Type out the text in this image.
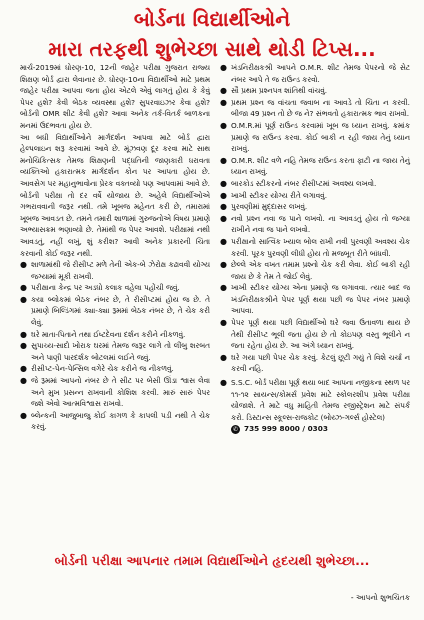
બોર્ડના વિદ્યાર્થીઓને
મારા તરફથી શુભેચ્છા સાથે થોડી ટિપ્સ...

માર્ચ-2019માં ધોરણ-10, 12ની જાહેર પરીક્ષા ગુજરાત રાજ્ય શિક્ષણ બોર્ડ દ્વારા લેવાનાર છે. ધોરણ-10ના વિદ્યાર્થીઓ માટે પ્રથમ જાહેર પરીક્ષા આપવા જતા હોય એટલે એવું લાગતું હોય કે કેવું પેપર હશે? કેવી બેઠક વ્યવસ્થા હશે? સુપરવાઇઝર કેવા હશે? બોર્ડની OMR શીટ કેવી હશે? આવા અનેક તર્ક-વિતર્ક બાળકના મનમાં ઉદભવતા હોય છે.

આ બધી વિદ્યાર્થીઓને માર્ગદર્શન આપવા માટે બોર્ડ દ્વારા હેલ્પલાઇન શરૂ કરવામાં આવે છે. મૂંઝવણ દૂર કરવા માટે સાથ મનોચિકિત્સક તેમજ શિક્ષણની પદ્ધતિની જાણકારી ધરાવતા વ્યક્તિઓ હકારાત્મક માર્ગદર્શન કોન પર આપતા હોય છે. આવસેગ પર મહાનુભાવોના પ્રેરક વક્તવ્યો પણ આપવામાં આવે છે. બોર્ડની પરીક્ષા તો દર વર્ષે યોજાય છે. અહેલે વિદ્યાર્થીઓએ ગભરાવવાની જરૂર નથી. તમે ખૂબજ મહેનત કરી છે, તમારામાં ખૂબજ આવડત છે. તમને તમારી શાળામાં ગુરુજનોએ વિષય પ્રમાણે અભ્યાસક્રમ ભણાવ્યો છે. તેમાંથી જ પેપર આવશે. પરીક્ષામાં નથી આવડતું, નહીં લખું, શું કરીશ? આવી અનેક પ્રકારની ચિંતા કરવાની કોઈ જરૂર નથી.

● શાળામાંથી જે રીસીપ્ટ મળે તેની એક-બે ઝેરોક્ષ કઢાવવી યોગ્ય જગ્યામાં મૂકી રાખવી.
● પરીક્ષાના કેન્દ્ર પર અડધો કલાક વહેલા પહોંચી જવું.
● કયા બ્લોકમાં બેઠક નંબર છે, તે રીસીપ્ટમાં હોય જ છે. તે પ્રમાણે બિલ્ડિંગમાં ક્યા-ક્યા રૂમમાં બેઠક નંબર છે, તે ચેક કરી લેવું.
● ઘરે માતા-પિતાને તથા ઈષ્ટદેવના દર્શન કરીને નીકળવું.
● સુપાચ્ય-સાદો ખોરાક ઘરમાં તેમજ જરૂર લાગે તો લીંબુ શરબત અને પાણી પારદર્શક બોટલમાં લઈને જવું.
● રીસીપ્ટ-પેન-પેન્સિલ વગેરે ચેક કરીને જ નીકળવું.
● જે રૂમમાં આપનો નંબર છે તે સીટ પર બેસી ઊંડા શ્વાસ લેવા અને મુખ પ્રસન્ન રાખવાની કોશિશ કરવી. મારું સારું પેપર જશે એવો આત્મવિશ્વાસ રાખવો.
● બ્લેન્કની આજુબાજુ કોઈ કાગળ કે કાપલી પડી નથી તે ચેક કરવું.
● ખંડનિરીક્ષકશ્રી આપને O.M.R. શીટ તેમજ પેપરનો જે સેટ નંબર આપે તે જ રાઉન્ડ કરવો.
● સૌ પ્રથમ પ્રશ્નપત્ર શાંતિથી વાંચવું.
● પ્રથમ પ્રશ્ન જ વાંચતા જવાબ ના આવડે તો ચિંતા ન કરવી. બીજા 49 પ્રશ્ન તો છે જ ને? સંભવતો હકારાત્મક ભાવ રાખવો.
● O.M.R.માં પૂર્ણ રાઉન્ડ કરવામાં ખૂબ જ ધ્યાન રાખવું. ક્રમાંક પ્રમાણે જ રાઉન્ડ કરવા. કોઈ બાકી ન રહી જાય તેનું ધ્યાન રાખવું.
● O.M.R. શીટ વળે નહિ તેમજ રાઉન્ડ કરતા ફાટી ના જાય તેનું ધ્યાન રાખવું.
● બારકોડ સ્ટીકરનો નંબર રીસીપ્ટમાં અવશ્ય લખવો.
● ખાખી સ્ટીકર યોગ્ય રીતે લગાવવું.
● પુરવણીમાં મુદ્દાસર લખવું.
● નવો પ્રશ્ન નવા જ પાને લખવો. ના આવડતું હોય તો જગ્યા રાખીને નવા જ પાને લખવો.
● પરીક્ષાનો સાત્વિક ખ્યાલ બોલ રાખી નવી પુરવણી અવશ્ય ચેક કરવી. પૂરક પુરવણી લીધી હોય તો મજબૂત રીતે બાંધવી.
● છેલ્લે એક વખત તમામ પ્રશ્નો ચેક કરી લેવા. કોઈ બાકી રહી જાય છે કે તેમ તે જોઈ લેવું.
● ખાખી સ્ટીકર યોગ્ય એના પ્રમાણે જ લગાવવા. ત્યાર બાદ જ ખંડનિરીક્ષકશ્રીને પેપર પૂર્ણ થયા પછી જ પેપર નંબર પ્રમાણે આપવા.
● પેપર પૂર્ણ થયા પછી વિદ્યાર્થીઓ ઘરે જવા ઉતાવળા થાય છે તેથી રીસીપ્ટ ભૂલી જતા હોય છે તો કોઇપણ વસ્તુ ભૂલીને ન જતા રહેતા હોય છે. આ અંગે ધ્યાન રાખવું.
● ઘરે ગયા પછી પેપર ચેક કરવું. કેટલું છૂટી ગયું તે વિશે ચર્ચા ન કરવી નહિ.
● S.S.C. બોર્ડ પરીક્ષા પૂર્ણ થયા બાદ આપના નજીકના સ્થળ પર ૧૧-૧૨ સાયન્સ/કોમર્સ પ્રવેશ માટે સ્કોલરશીપ પ્રવેશ પરીક્ષા યોજાશે. તે માટે વધુ માહિતી તેમજ રજીસ્ટ્રેશન માટે સંપર્ક કરો. ડિસ્ટાન્સ સ્કૂલ્સ-રાજકોટ (બોય્ઝ-ગર્લ્સ હોસ્ટેલ)
✆ 735 999 8000 / 0303
બોર્ડની પરીક્ષા આપનાર તમામ વિદ્યાર્થીઓને હૃદયથી શુભેચ્છા...
- આપનો શુભચિંતક
